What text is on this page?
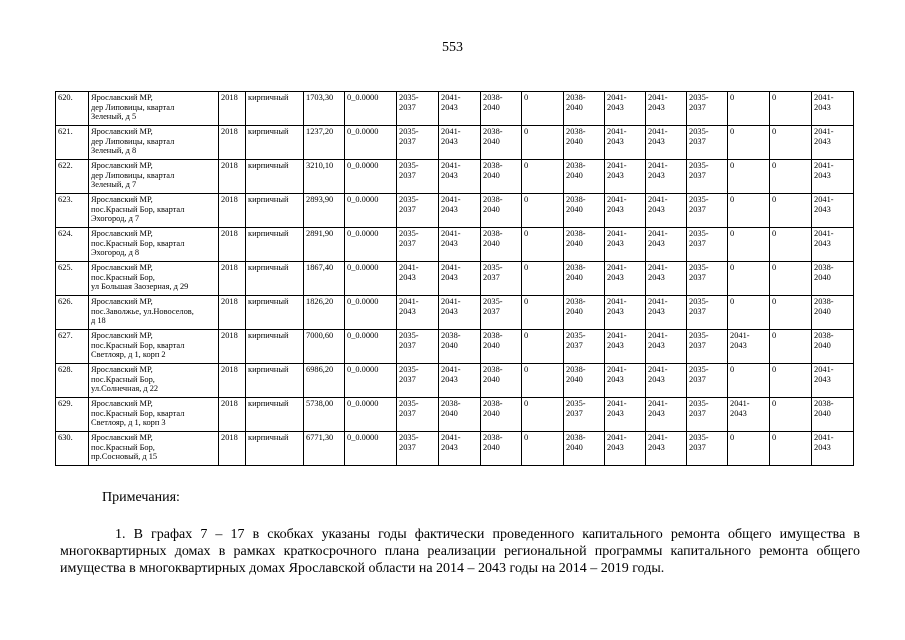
553
620.	Ярославский МР,
дер Липовицы, квартал
Зеленый, д 5	2018	кирпичный	1703,30	0_0.0000	2035-
2037	2041-
2043	2038-
2040	0	2038-
2040	2041-
2043	2041-
2043	2035-
2037	0	0	2041-
2043
621.	Ярославский МР,
дер Липовицы, квартал
Зеленый, д 8	2018	кирпичный	1237,20	0_0.0000	2035-
2037	2041-
2043	2038-
2040	0	2038-
2040	2041-
2043	2041-
2043	2035-
2037	0	0	2041-
2043
622.	Ярославский МР,
дер Липовицы, квартал
Зеленый, д 7	2018	кирпичный	3210,10	0_0.0000	2035-
2037	2041-
2043	2038-
2040	0	2038-
2040	2041-
2043	2041-
2043	2035-
2037	0	0	2041-
2043
623.	Ярославский МР,
пос.Красный Бор, квартал
Эхогород, д 7	2018	кирпичный	2893,90	0_0.0000	2035-
2037	2041-
2043	2038-
2040	0	2038-
2040	2041-
2043	2041-
2043	2035-
2037	0	0	2041-
2043
624.	Ярославский МР,
пос.Красный Бор, квартал
Эхогород, д 8	2018	кирпичный	2891,90	0_0.0000	2035-
2037	2041-
2043	2038-
2040	0	2038-
2040	2041-
2043	2041-
2043	2035-
2037	0	0	2041-
2043
625.	Ярославский МР,
пос.Красный Бор,
ул Большая Заозерная, д 29	2018	кирпичный	1867,40	0_0.0000	2041-
2043	2041-
2043	2035-
2037	0	2038-
2040	2041-
2043	2041-
2043	2035-
2037	0	0	2038-
2040
626.	Ярославский МР,
пос.Заволжье, ул.Новоселов,
д 18	2018	кирпичный	1826,20	0_0.0000	2041-
2043	2041-
2043	2035-
2037	0	2038-
2040	2041-
2043	2041-
2043	2035-
2037	0	0	2038-
2040
627.	Ярославский МР,
пос.Красный Бор, квартал
Светлояр, д 1, корп 2	2018	кирпичный	7000,60	0_0.0000	2035-
2037	2038-
2040	2038-
2040	0	2035-
2037	2041-
2043	2041-
2043	2035-
2037	2041-
2043	0	2038-
2040
628.	Ярославский МР,
пос.Красный Бор,
ул.Солнечная, д 22	2018	кирпичный	6986,20	0_0.0000	2035-
2037	2041-
2043	2038-
2040	0	2038-
2040	2041-
2043	2041-
2043	2035-
2037	0	0	2041-
2043
629.	Ярославский МР,
пос.Красный Бор, квартал
Светлояр, д 1, корп 3	2018	кирпичный	5738,00	0_0.0000	2035-
2037	2038-
2040	2038-
2040	0	2035-
2037	2041-
2043	2041-
2043	2035-
2037	2041-
2043	0	2038-
2040
630.	Ярославский МР,
пос.Красный Бор,
пр.Сосновый, д 15	2018	кирпичный	6771,30	0_0.0000	2035-
2037	2041-
2043	2038-
2040	0	2038-
2040	2041-
2043	2041-
2043	2035-
2037	0	0	2041-
2043
Примечания:
1. В графах 7 – 17 в скобках указаны годы фактически проведенного капитального ремонта общего имущества в многоквартирных домах в рамках краткосрочного плана реализации региональной программы капитального ремонта общего имущества в многоквартирных домах Ярославской области на 2014 – 2043 годы на 2014 – 2019 годы.
